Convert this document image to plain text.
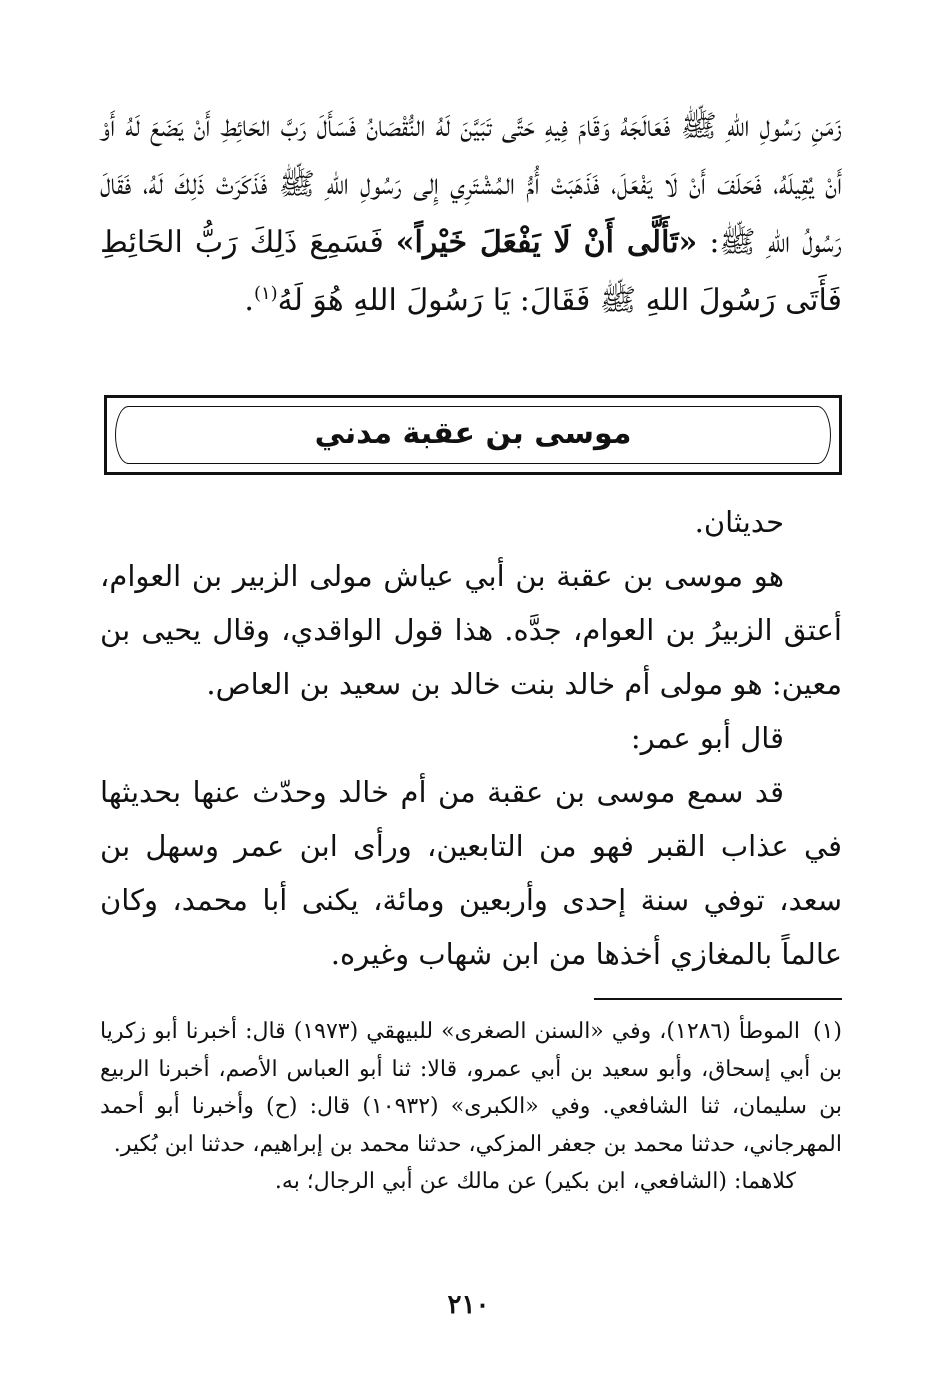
زَمَنِ رَسُولِ اللهِ ﷺ فَعَالَجَهُ وَقَامَ فِيهِ حَتَّى تَبَيَّنَ لَهُ النُّقْصَانُ فَسَأَلَ رَبَّ الحَائِطِ أَنْ يَضَعَ لَهُ أَوْ أَنْ يُقِيلَهُ، فَحَلَفَ أَنْ لَا يَفْعَلَ، فَذَهَبَتْ أُمُّ المُشْتَرِي إِلى رَسُولِ اللهِ ﷺ فَذَكَرَتْ ذَلِكَ لَهُ، فَقَالَ رَسُولُ اللهِ ﷺ: «تَأَلَّى أَنْ لَا يَفْعَلَ خَيْراً» فَسَمِعَ ذَلِكَ رَبُّ الحَائِطِ فَأَتَى رَسُولَ اللهِ ﷺ فَقَالَ: يَا رَسُولَ اللهِ هُوَ لَهُ$^{(١)}$.

موسى بن عقبة مدني

حديثان.

هو موسى بن عقبة بن أبي عياش مولى الزبير بن العوام، أعتق الزبيرُ بن العوام، جدَّه. هذا قول الواقدي، وقال يحيى بن معين: هو مولى أم خالد بنت خالد بن سعيد بن العاص.

قال أبو عمر:

قد سمع موسى بن عقبة من أم خالد وحدّث عنها بحديثها في عذاب القبر فهو من التابعين، ورأى ابن عمر وسهل بن سعد، توفي سنة إحدى وأربعين ومائة، يكنى أبا محمد، وكان عالماً بالمغازي أخذها من ابن شهاب وغيره.

(١)الموطأ (١٢٨٦)، وفي «السنن الصغرى» للبيهقي (١٩٧٣) قال: أخبرنا أبو زكريا بن أبي إسحاق، وأبو سعيد بن أبي عمرو، قالا: ثنا أبو العباس الأصم، أخبرنا الربيع بن سليمان، ثنا الشافعي. وفي «الكبرى» (١٠٩٣٢) قال: (ح) وأخبرنا أبو أحمد المهرجاني، حدثنا محمد بن جعفر المزكي، حدثنا محمد بن إبراهيم، حدثنا ابن بُكير.

كلاهما: (الشافعي، ابن بكير) عن مالك عن أبي الرجال؛ به.

٢١٠
